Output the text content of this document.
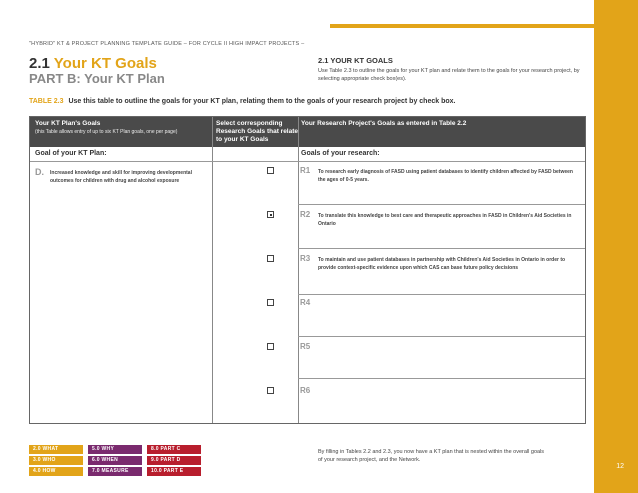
12
"HYBRID" KT & PROJECT PLANNING TEMPLATE GUIDE – FOR CYCLE II HIGH IMPACT PROJECTS –
2.1 Your KT Goals
PART B: Your KT Plan
2.1 YOUR KT GOALS
Use Table 2.3 to outline the goals for your KT plan and relate them to the goals for your research project, by selecting appropriate check box(es).
TABLE 2.3 Use this table to outline the goals for your KT plan, relating them to the goals of your research project by check box.
Your KT Plan's Goals
(this Table allows entry of up to six KT Plan goals, one per page)
Select corresponding Research Goals that relate to your KT Goals
Your Research Project's Goals as entered in Table 2.2
Goal of your KT Plan:	Goals of your research:
D. Increased knowledge and skill for improving developmental outcomes for children with drug and alcohol exposure
R1 To research early diagnosis of FASD using patient databases to identify children affected by FASD between the ages of 0-5 years.
R2 To translate this knowledge to best care and therapeutic approaches in FASD in Children's Aid Societies in Ontario
R3 To maintain and use patient databases in partnership with Children's Aid Societies in Ontario in order to provide context-specific evidence upon which CAS can base future policy decisions
R4
R5
R6
2.0 WHAT
3.0 WHO
4.0 HOW
5.0 WHY
6.0 WHEN
7.0 MEASURE
8.0 PART C
9.0 PART D
10.0 PART E
By filling in Tables 2.2 and 2.3, you now have a KT plan that is nested within the overall goals of your research project, and the Network.
